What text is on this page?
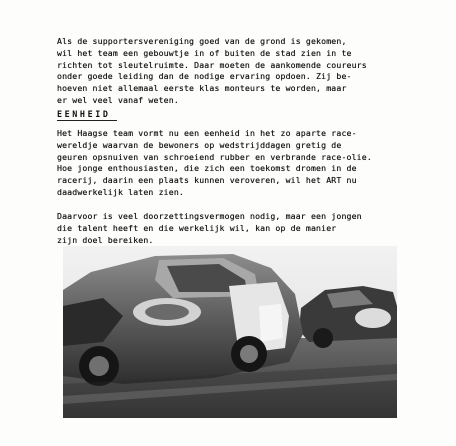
Als de supportersvereniging goed van de grond is gekomen,
wil het team een gebouwtje in of buiten de stad zien in te
richten tot sleutelruimte. Daar moeten de aankomende coureurs
onder goede leiding dan de nodige ervaring opdoen. Zij be-
hoeven niet allemaal eerste klas monteurs te worden, maar
er wel veel vanaf weten.
EENHEID
Het Haagse team vormt nu een eenheid in het zo aparte race-
wereldje waarvan de bewoners op wedstrijddagen gretig de
geuren opsnuiven van schroeiend rubber en verbrande race-olie.
Hoe jonge enthousiasten, die zich een toekomst dromen in de
racerij, daarin een plaats kunnen veroveren, wil het ART nu
daadwerkelijk laten zien.
Daarvoor is veel doorzettingsvermogen nodig, maar een jongen
die talent heeft en die werkelijk wil, kan op de manier
zijn doel bereiken.
